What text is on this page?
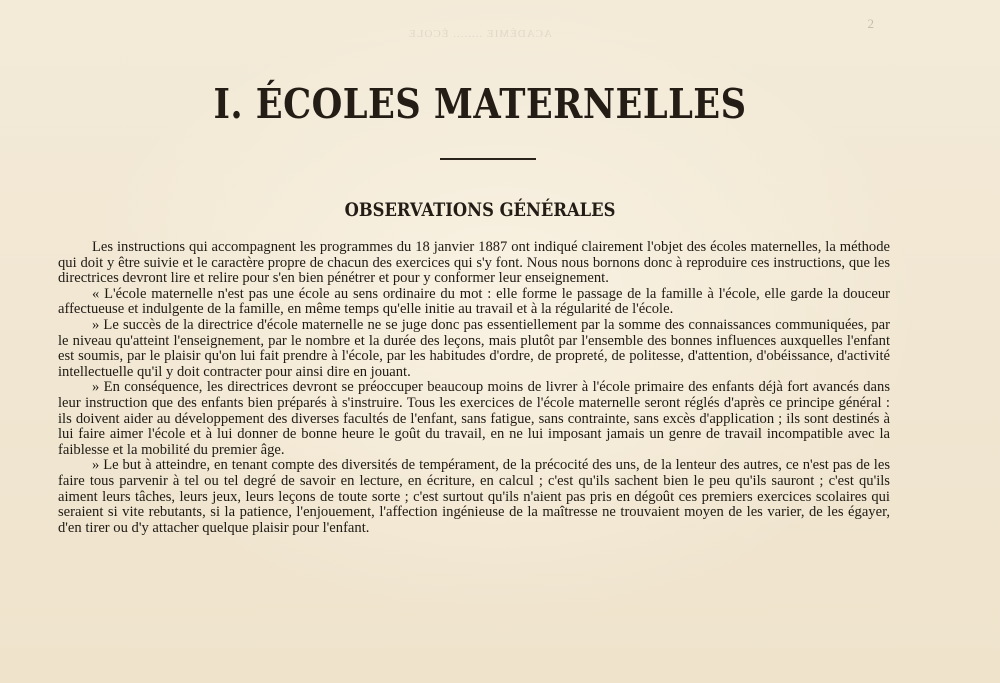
ACADÉMIE ........ ÉCOLE
2
I. ÉCOLES MATERNELLES
OBSERVATIONS GÉNÉRALES

Les instructions qui accompagnent les programmes du 18 janvier 1887 ont indiqué clairement l'objet des écoles maternelles, la méthode qui doit y être suivie et le caractère propre de chacun des exercices qui s'y font. Nous nous bornons donc à reproduire ces instructions, que les directrices devront lire et relire pour s'en bien pénétrer et pour y conformer leur enseignement.

« L'école maternelle n'est pas une école au sens ordinaire du mot : elle forme le passage de la famille à l'école, elle garde la douceur affectueuse et indulgente de la famille, en même temps qu'elle initie au travail et à la régularité de l'école.

» Le succès de la directrice d'école maternelle ne se juge donc pas essentiellement par la somme des connaissances communiquées, par le niveau qu'atteint l'enseignement, par le nombre et la durée des leçons, mais plutôt par l'ensemble des bonnes influences auxquelles l'enfant est soumis, par le plaisir qu'on lui fait prendre à l'école, par les habitudes d'ordre, de propreté, de politesse, d'attention, d'obéissance, d'activité intellectuelle qu'il y doit contracter pour ainsi dire en jouant.

» En conséquence, les directrices devront se préoccuper beaucoup moins de livrer à l'école primaire des enfants déjà fort avancés dans leur instruction que des enfants bien préparés à s'instruire. Tous les exercices de l'école maternelle seront réglés d'après ce principe général : ils doivent aider au développement des diverses facultés de l'enfant, sans fatigue, sans contrainte, sans excès d'application ; ils sont destinés à lui faire aimer l'école et à lui donner de bonne heure le goût du travail, en ne lui imposant jamais un genre de travail incompatible avec la faiblesse et la mobilité du premier âge.

» Le but à atteindre, en tenant compte des diversités de tempérament, de la précocité des uns, de la lenteur des autres, ce n'est pas de les faire tous parvenir à tel ou tel degré de savoir en lecture, en écriture, en calcul ; c'est qu'ils sachent bien le peu qu'ils sauront ; c'est qu'ils aiment leurs tâches, leurs jeux, leurs leçons de toute sorte ; c'est surtout qu'ils n'aient pas pris en dégoût ces premiers exercices scolaires qui seraient si vite rebutants, si la patience, l'enjouement, l'affection ingénieuse de la maîtresse ne trouvaient moyen de les varier, de les égayer, d'en tirer ou d'y attacher quelque plaisir pour l'enfant.
